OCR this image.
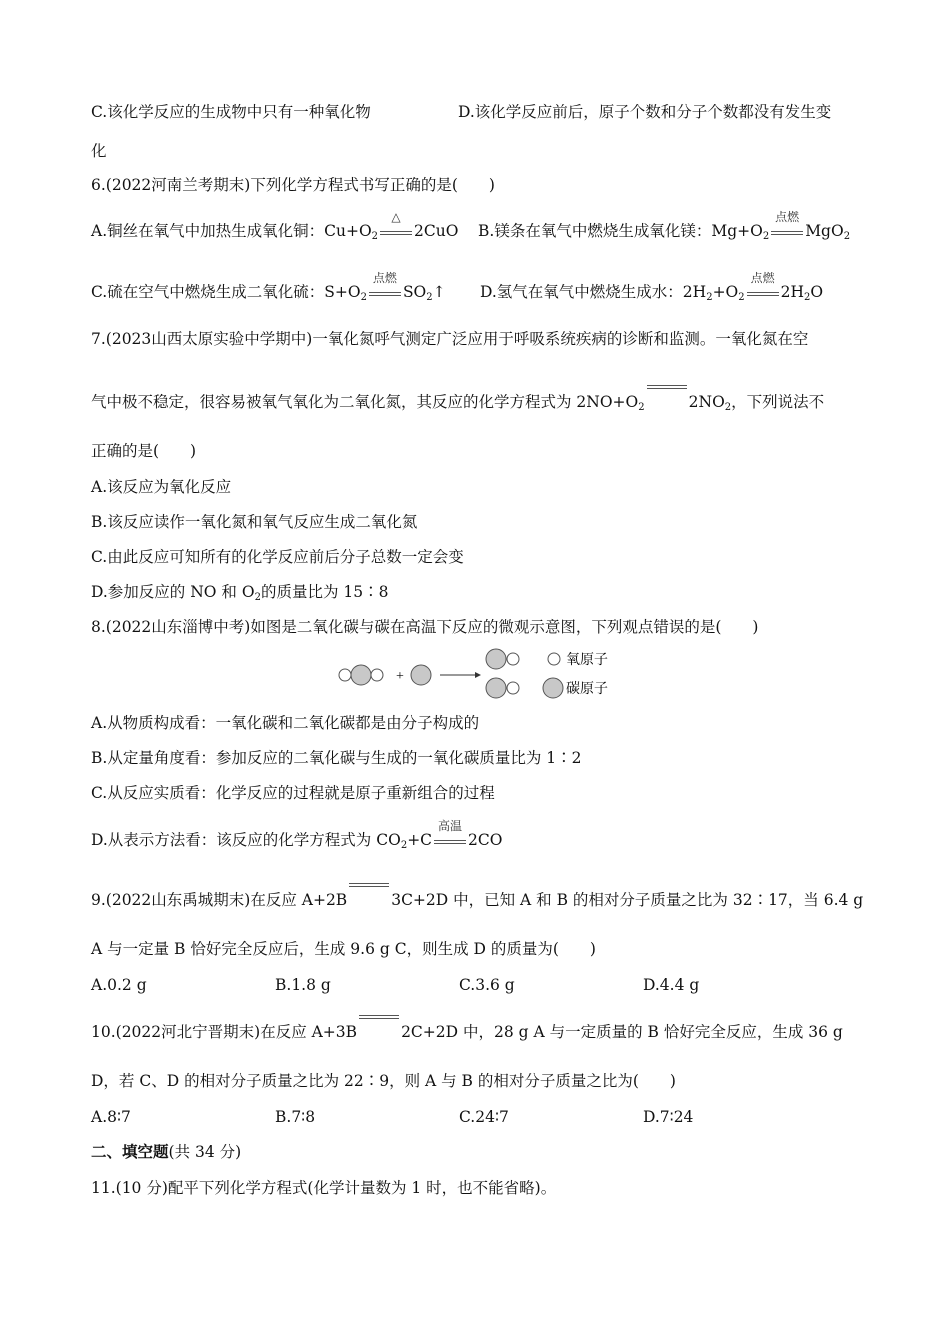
C.该化学反应的生成物中只有一种氧化物	D.该化学反应前后，原子个数和分子个数都没有发生变
化
6.(2022河南兰考期末)下列化学方程式书写正确的是(　　)
A.铜丝在氧气中加热生成氧化铜：$Cu+O_2$
△
2CuO B.镁条在氧气中燃烧生成氧化镁：$Mg+O_2$
点燃
MgO$_2$
C.硫在空气中燃烧生成二氧化硫：$S+O_2$
点燃
$SO_2↑$ D.氢气在氧气中燃烧生成水：$2H_2+O_2$
点燃
$2H_2O$
7.(2023山西太原实验中学期中)一氧化氮呼气测定广泛应用于呼吸系统疾病的诊断和监测。一氧化氮在空
气中极不稳定，很容易被氧气氧化为二氧化氮，其反应的化学方程式为 $2NO+O_2$	$2NO_2$，下列说法不
正确的是(　　)
A.该反应为氧化反应
B.该反应读作一氧化氮和氧气反应生成二氧化氮
C.由此反应可知所有的化学反应前后分子总数一定会变
D.参加反应的 NO 和 $O_2$的质量比为 15∶8
8.(2022山东淄博中考)如图是二氧化碳与碳在高温下反应的微观示意图，下列观点错误的是(　　)
+
氧原子
碳原子
A.从物质构成看：一氧化碳和二氧化碳都是由分子构成的
B.从定量角度看：参加反应的二氧化碳与生成的一氧化碳质量比为 1∶2
C.从反应实质看：化学反应的过程就是原子重新组合的过程
D.从表示方法看：该反应的化学方程式为 $CO_2+C$
高温
2CO
9.(2022山东禹城期末)在反应 A+2B	3C+2D 中，已知 A 和 B 的相对分子质量之比为 32∶17，当 6.4 g
A 与一定量 B 恰好完全反应后，生成 9.6 g C，则生成 D 的质量为(　　)
A.0.2 g	B.1.8 g	C.3.6 g	D.4.4 g
10.(2022河北宁晋期末)在反应 A+3B	2C+2D 中，28 g A 与一定质量的 B 恰好完全反应，生成 36 g
D，若 C、D 的相对分子质量之比为 22∶9，则 A 与 B 的相对分子质量之比为(　　)
A.8∶7	B.7∶8	C.24∶7	D.7∶24
二、填空题(共 34 分)
11.(10 分)配平下列化学方程式(化学计量数为 1 时，也不能省略)。
